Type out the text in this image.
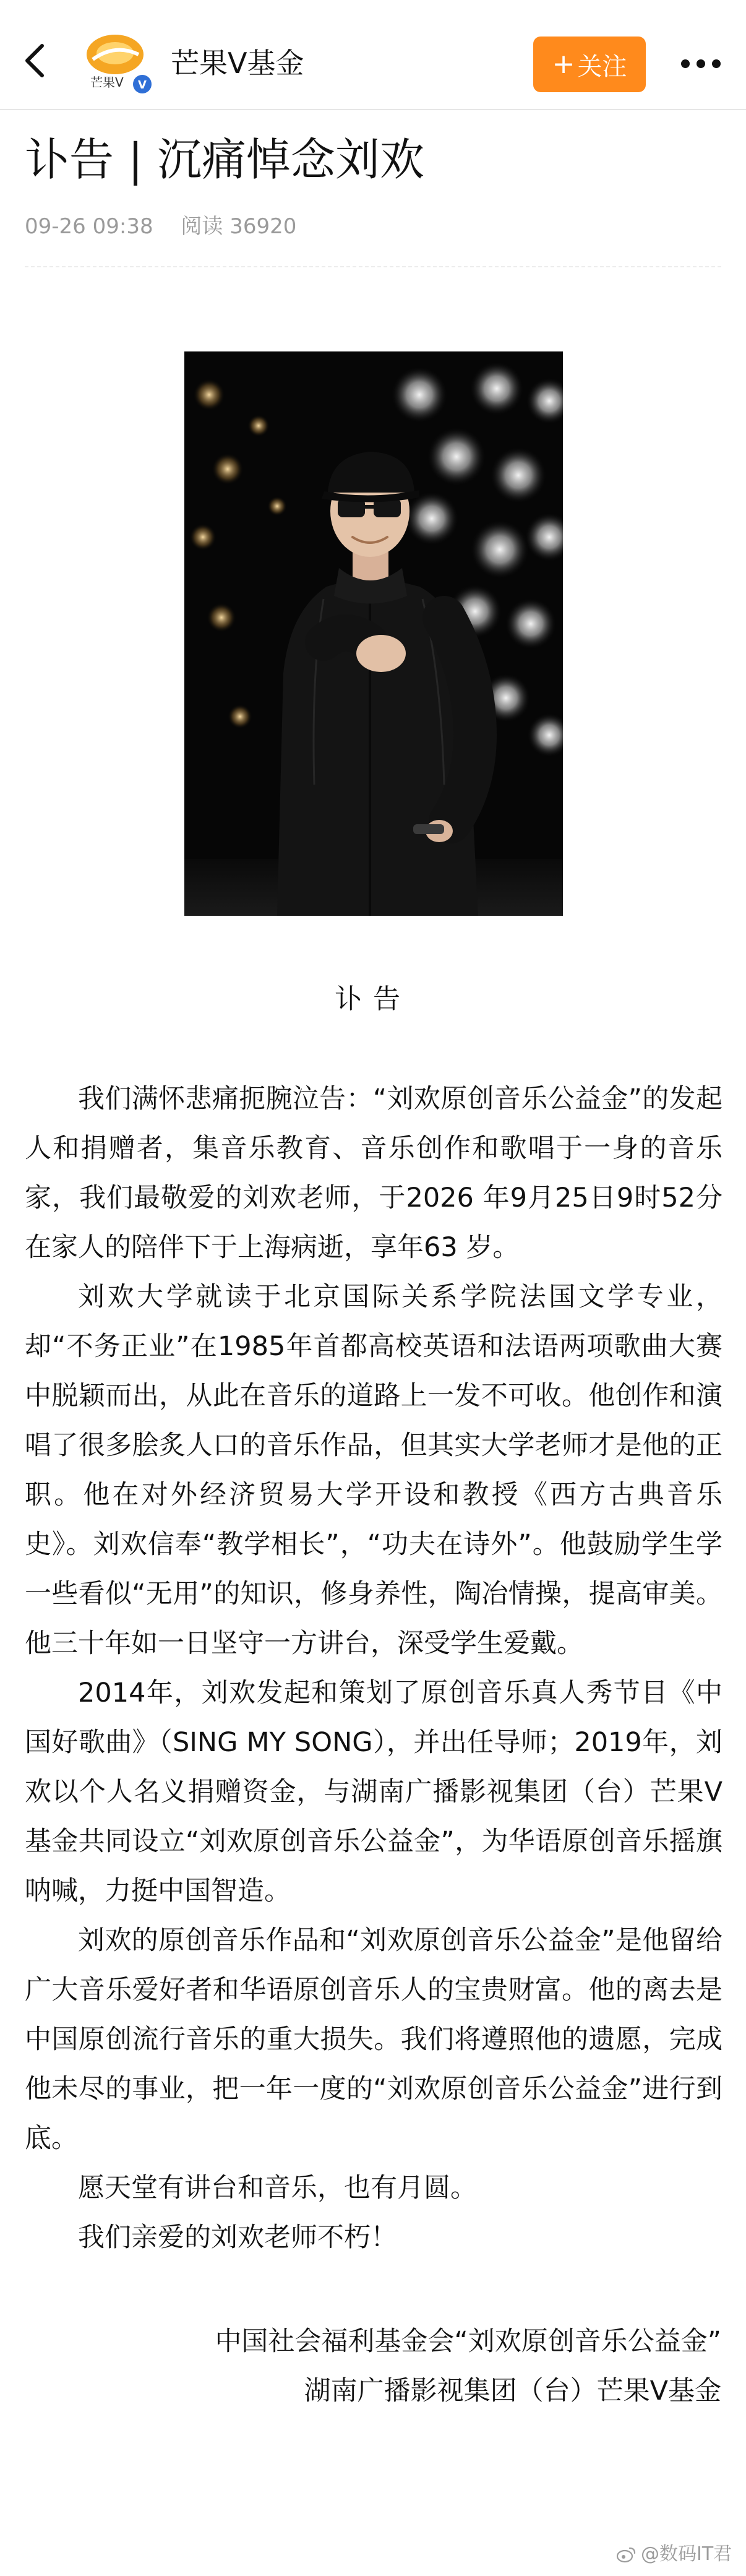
芒果V V
芒果V基金	+ 关注
讣告 | 沉痛悼念刘欢
09-26 09:38 阅读 36920
讣告

我们满怀悲痛扼腕泣告：“刘欢原创音乐公益金”的发起人和捐赠者，集音乐教育、音乐创作和歌唱于一身的音乐家，我们最敬爱的刘欢老师，于2026 年9月25日9时52分在家人的陪伴下于上海病逝，享年63 岁。

刘欢大学就读于北京国际关系学院法国文学专业，却“不务正业”在1985年首都高校英语和法语两项歌曲大赛中脱颖而出，从此在音乐的道路上一发不可收。他创作和演唱了很多脍炙人口的音乐作品，但其实大学老师才是他的正职。他在对外经济贸易大学开设和教授《西方古典音乐史》。刘欢信奉“教学相长”，“功夫在诗外”。他鼓励学生学一些看似“无用”的知识，修身养性，陶冶情操，提高审美。他三十年如一日坚守一方讲台，深受学生爱戴。

2014年，刘欢发起和策划了原创音乐真人秀节目《中国好歌曲》（SING MY SONG），并出任导师；2019年，刘欢以个人名义捐赠资金，与湖南广播影视集团（台）芒果V基金共同设立“刘欢原创音乐公益金”，为华语原创音乐摇旗呐喊，力挺中国智造。

刘欢的原创音乐作品和“刘欢原创音乐公益金”是他留给广大音乐爱好者和华语原创音乐人的宝贵财富。他的离去是中国原创流行音乐的重大损失。我们将遵照他的遗愿，完成他未尽的事业，把一年一度的“刘欢原创音乐公益金”进行到底。

愿天堂有讲台和音乐，也有月圆。

我们亲爱的刘欢老师不朽！

中国社会福利基金会“刘欢原创音乐公益金”
湖南广播影视集团（台）芒果V基金
@数码IT君
